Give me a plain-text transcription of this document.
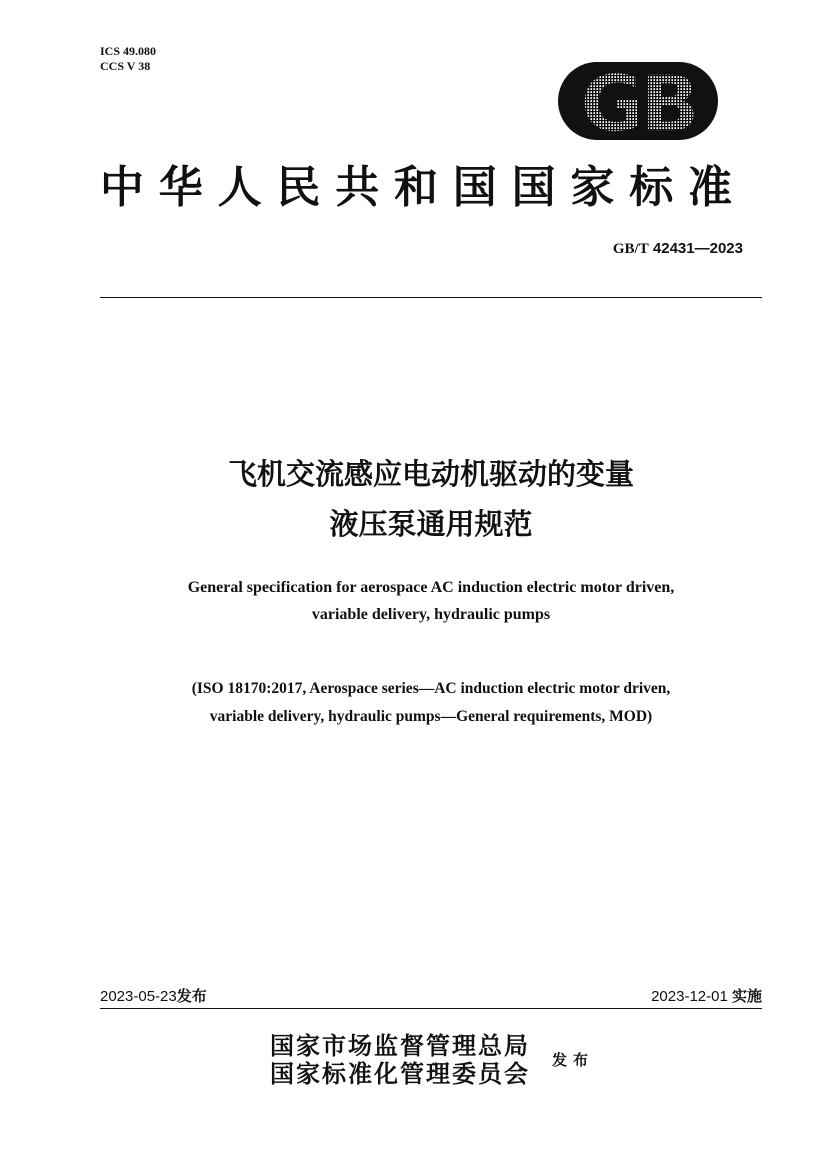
ICS 49.080
CCS V 38	GB
中华人民共和国国家标准
GB/T 42431—2023
飞机交流感应电动机驱动的变量
液压泵通用规范
General specification for aerospace AC induction electric motor driven,
variable delivery, hydraulic pumps
(ISO 18170:2017, Aerospace series—AC induction electric motor driven,
variable delivery, hydraulic pumps—General requirements, MOD)
2023-05-23发布	2023-12-01 实施
国家市场监督管理总局
国家标准化管理委员会 发布
